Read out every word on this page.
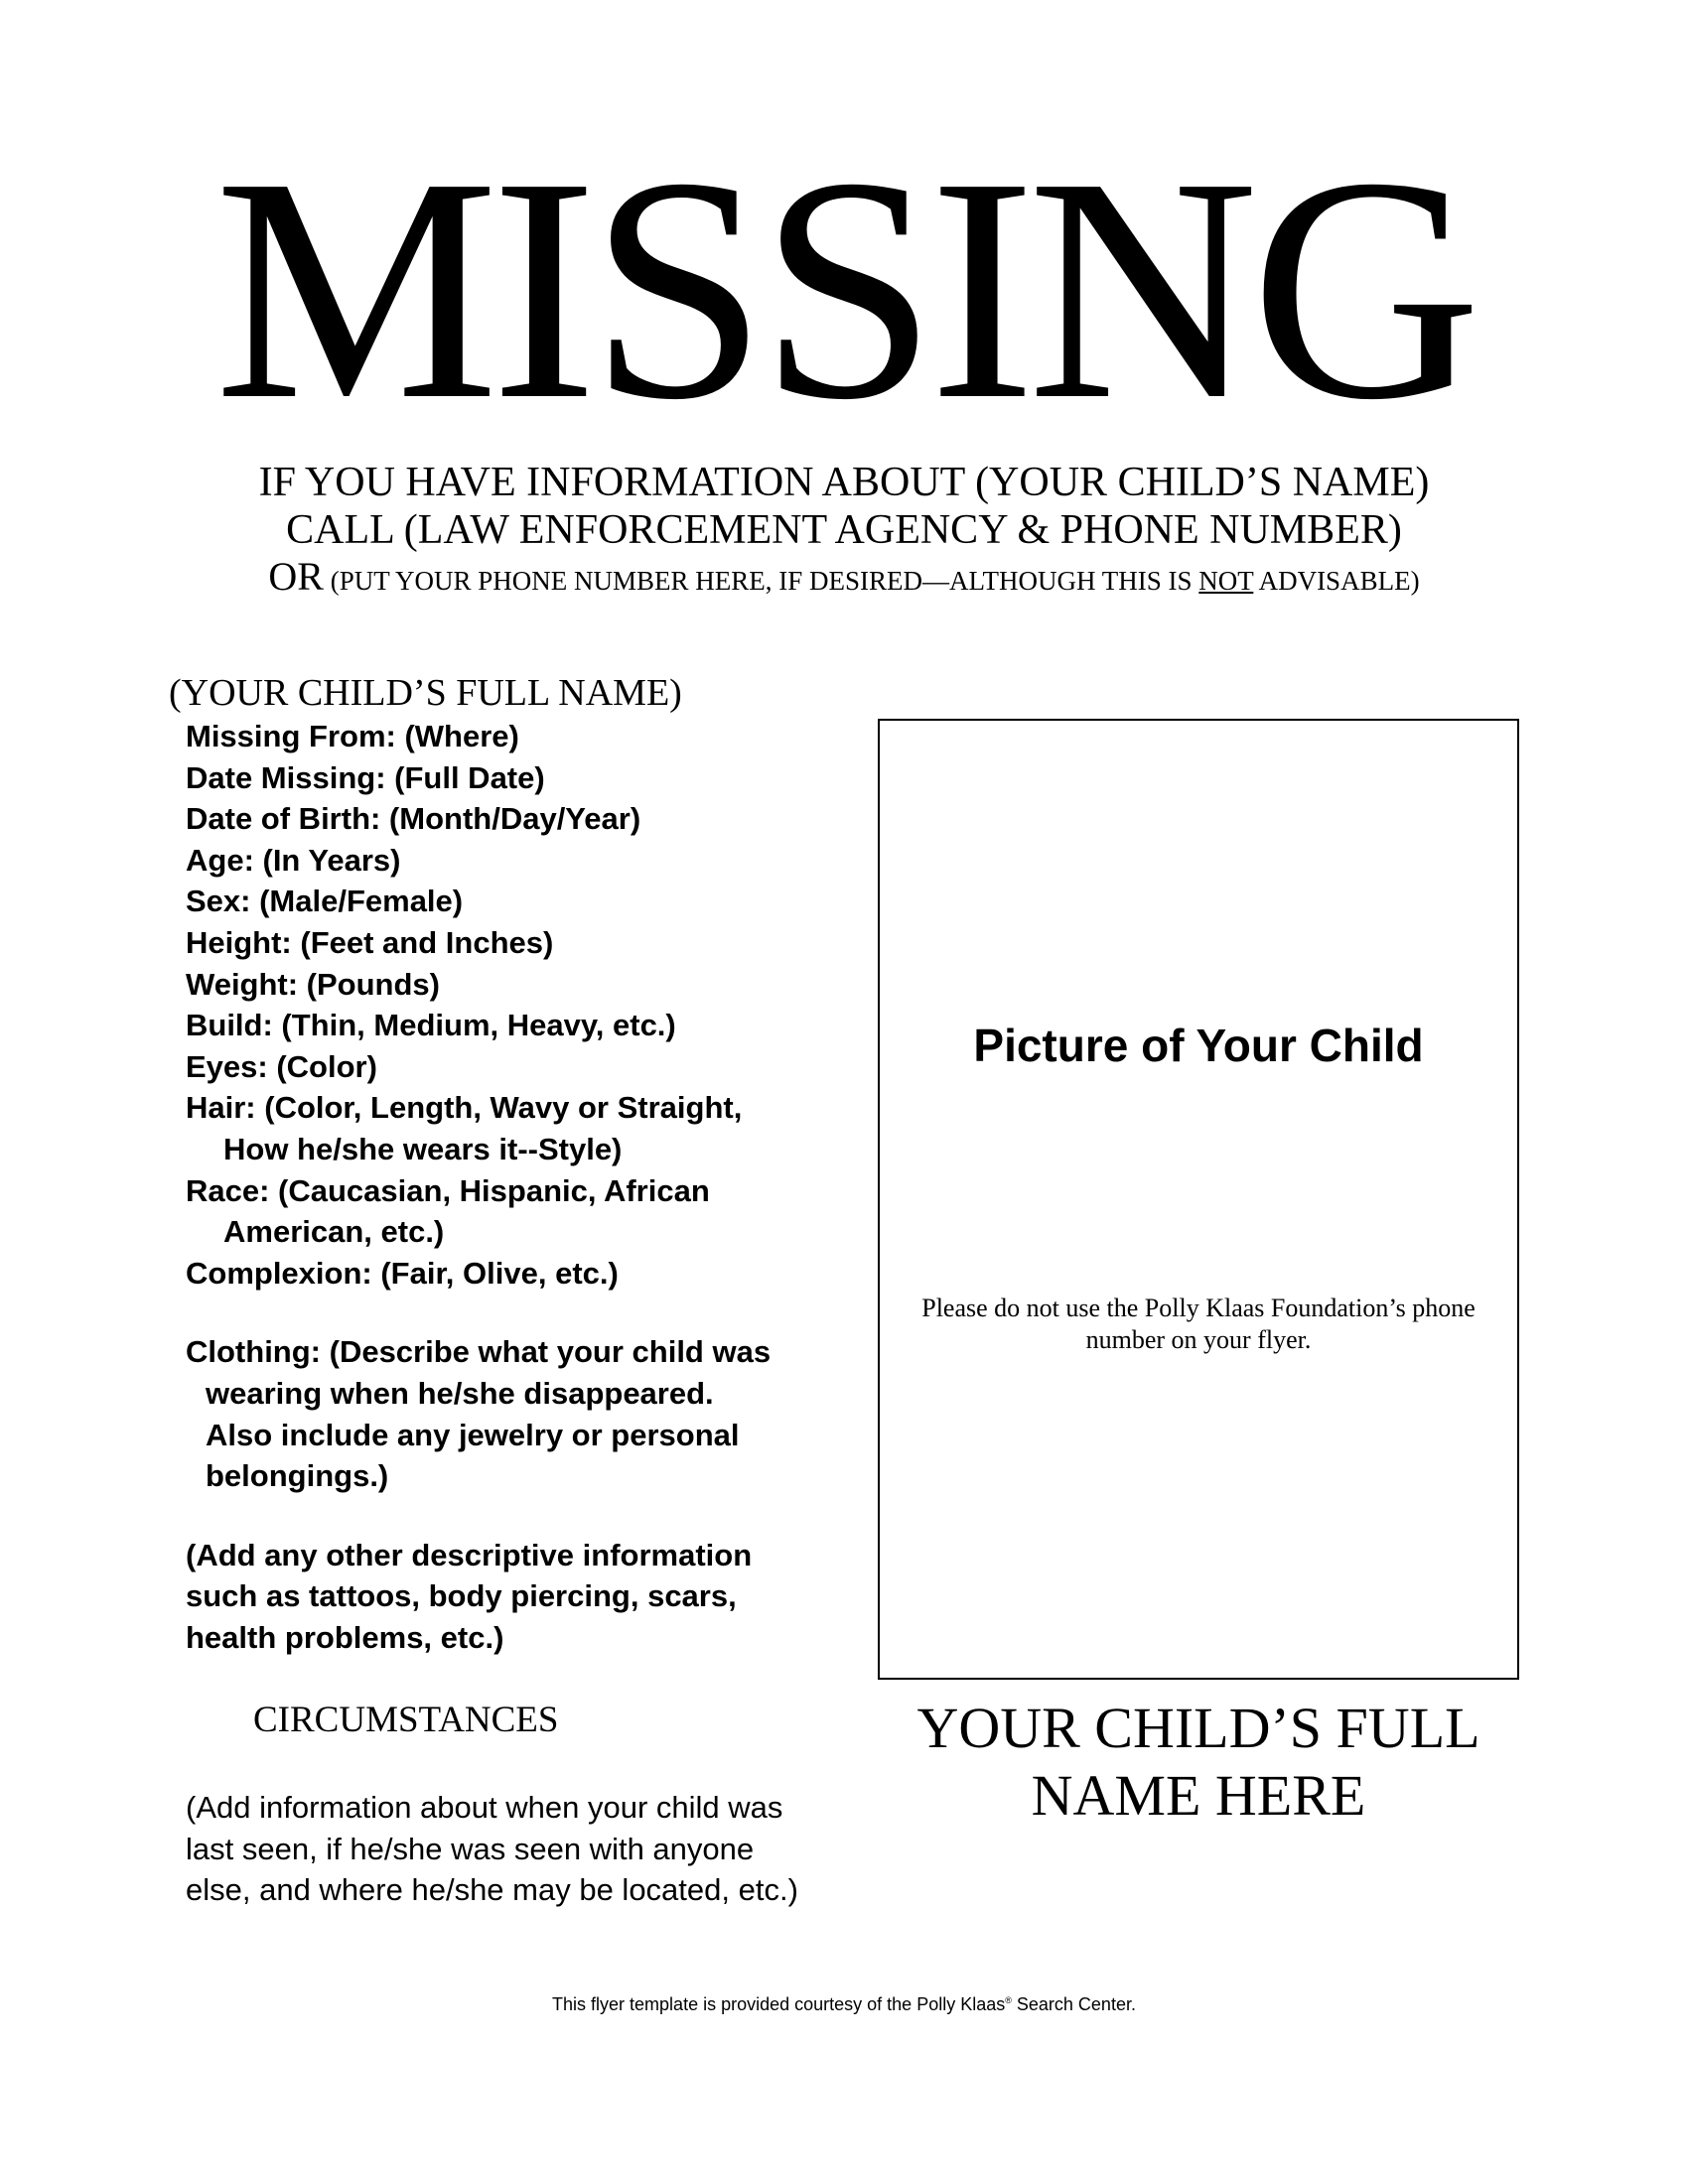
MISSING
IF YOU HAVE INFORMATION ABOUT (YOUR CHILD’S NAME)
CALL (LAW ENFORCEMENT AGENCY & PHONE NUMBER)
OR (PUT YOUR PHONE NUMBER HERE, IF DESIRED—ALTHOUGH THIS IS NOT ADVISABLE)
(YOUR CHILD’S FULL NAME)
Missing From: (Where)
Date Missing: (Full Date)
Date of Birth: (Month/Day/Year)
Age: (In Years)
Sex: (Male/Female)
Height: (Feet and Inches)
Weight: (Pounds)
Build: (Thin, Medium, Heavy, etc.)
Eyes: (Color)
Hair: (Color, Length, Wavy or Straight,
How he/she wears it--Style)
Race: (Caucasian, Hispanic, African
American, etc.)
Complexion: (Fair, Olive, etc.)
Clothing: (Describe what your child was
wearing when he/she disappeared.
Also include any jewelry or personal
belongings.)
(Add any other descriptive information
such as tattoos, body piercing, scars,
health problems, etc.)
CIRCUMSTANCES
(Add information about when your child was
last seen, if he/she was seen with anyone
else, and where he/she may be located, etc.)
Picture of Your Child
Please do not use the Polly Klaas Foundation’s phone
number on your flyer.
YOUR CHILD’S FULL
NAME HERE
This flyer template is provided courtesy of the Polly Klaas® Search Center.
